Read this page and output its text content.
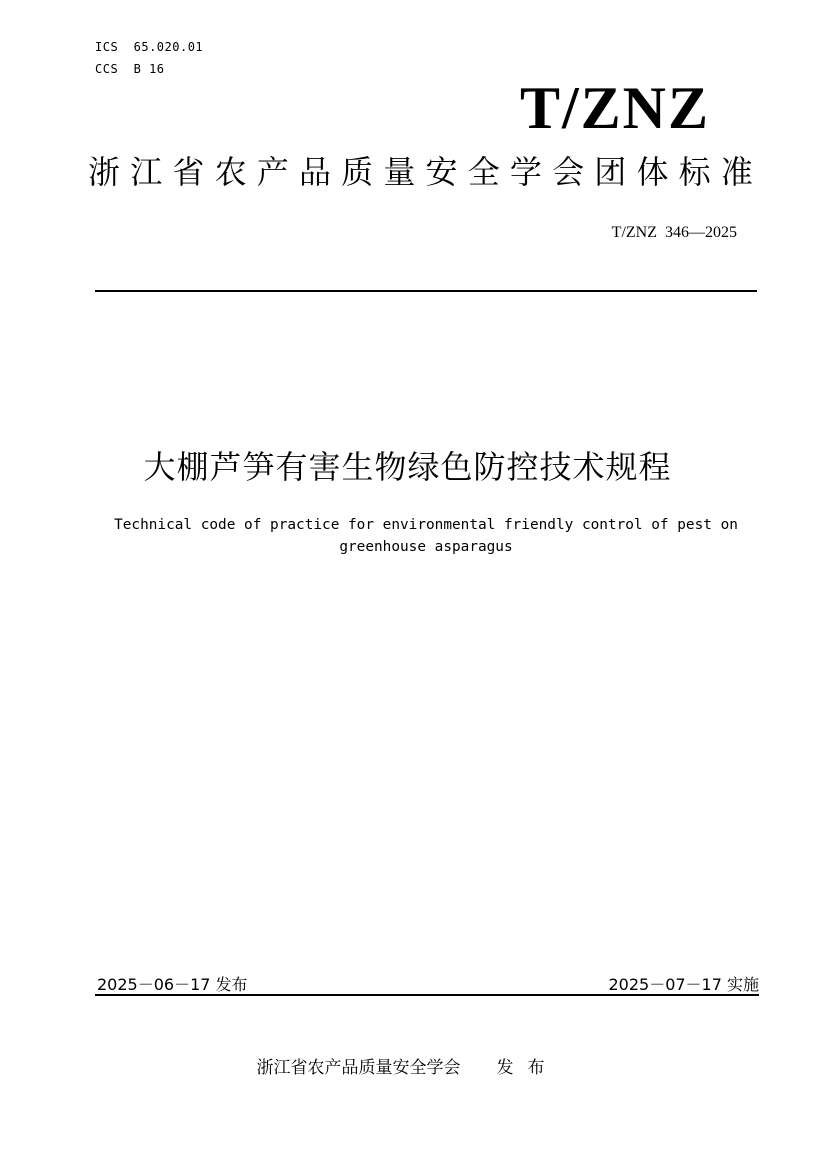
ICS  65.020.01
CCS  B 16
T/ZNZ
浙 江 省 农 产 品 质 量 安 全 学 会 团 体 标 准
T/ZNZ  346—2025
大棚芦笋有害生物绿色防控技术规程
Technical code of practice for environmental friendly control of pest on greenhouse asparagus
2025－06－17 发布	2025－07－17 实施
浙江省农产品质量安全学会 发布
